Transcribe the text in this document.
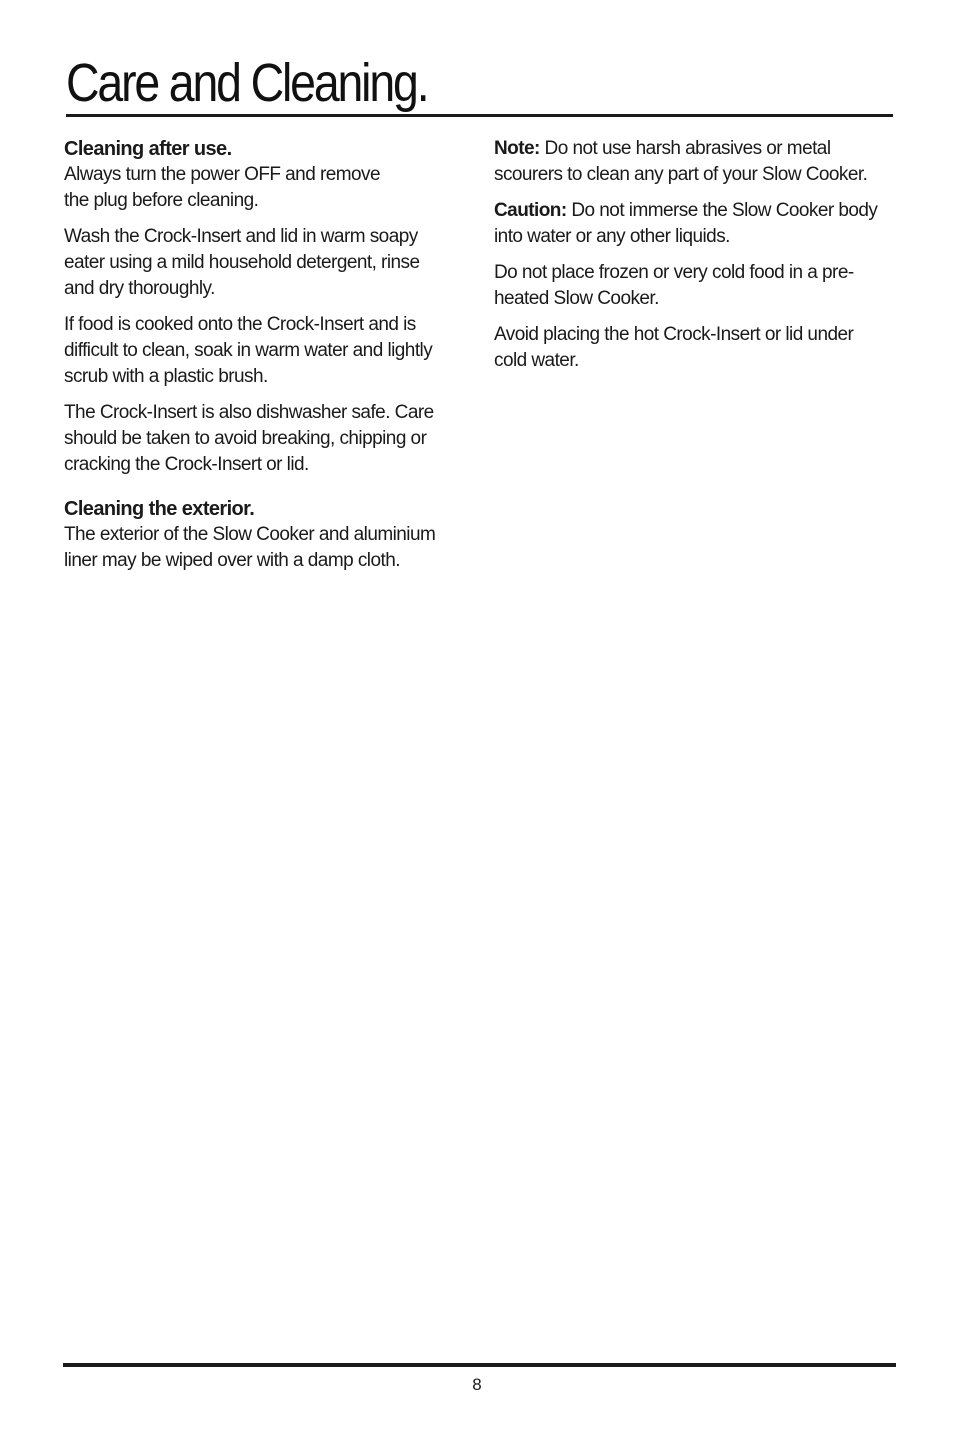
Care and Cleaning.
Cleaning after use.

Always turn the power OFF and remove
the plug before cleaning.

Wash the Crock-Insert and lid in warm soapy
eater using a mild household detergent, rinse
and dry thoroughly.

If food is cooked onto the Crock-Insert and is
difficult to clean, soak in warm water and lightly
scrub with a plastic brush.

The Crock-Insert is also dishwasher safe. Care
should be taken to avoid breaking, chipping or
cracking the Crock-Insert or lid.

Cleaning the exterior.

The exterior of the Slow Cooker and aluminium
liner may be wiped over with a damp cloth.

Note: Do not use harsh abrasives or metal
scourers to clean any part of your Slow Cooker.

Caution: Do not immerse the Slow Cooker body
into water or any other liquids.

Do not place frozen or very cold food in a pre-
heated Slow Cooker.

Avoid placing the hot Crock-Insert or lid under
cold water.

8
